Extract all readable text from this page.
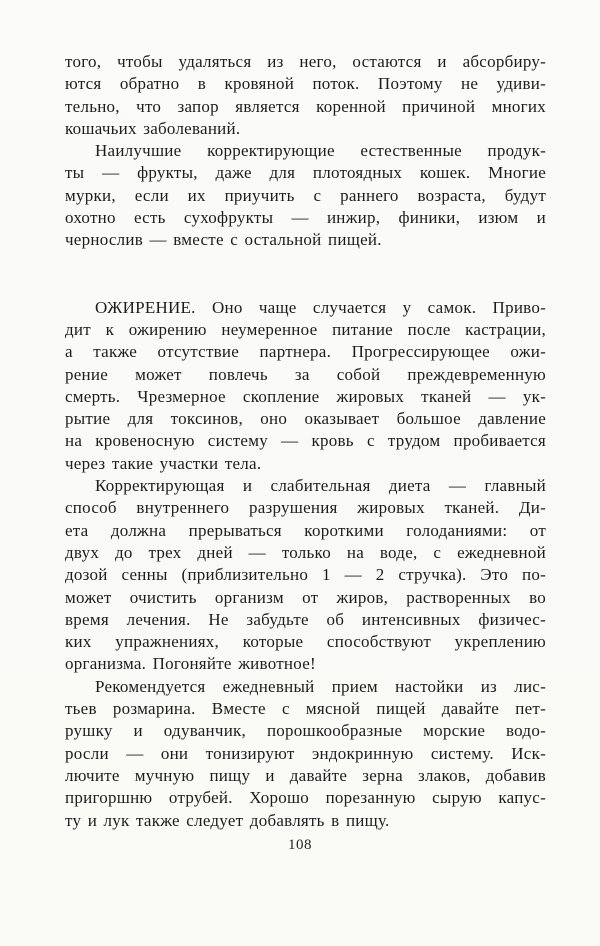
того, чтобы удаляться из него, остаются и абсорбиру-
ются обратно в кровяной поток. Поэтому не удиви-
тельно, что запор является коренной причиной многих
кошачьих заболеваний.
Наилучшие корректирующие естественные продук-
ты — фрукты, даже для плотоядных кошек. Многие
мурки, если их приучить с раннего возраста, будут
охотно есть сухофрукты — инжир, финики, изюм и
чернослив — вместе с остальной пищей.
ОЖИРЕНИЕ. Оно чаще случается у самок. Приво-
дит к ожирению неумеренное питание после кастрации,
а также отсутствие партнера. Прогрессирующее ожи-
рение может повлечь за собой преждевременную
смерть. Чрезмерное скопление жировых тканей — ук-
рытие для токсинов, оно оказывает большое давление
на кровеносную систему — кровь с трудом пробивается
через такие участки тела.
Корректирующая и слабительная диета — главный
способ внутреннего разрушения жировых тканей. Ди-
ета должна прерываться короткими голоданиями: от
двух до трех дней — только на воде, с ежедневной
дозой сенны (приблизительно 1 — 2 стручка). Это по-
может очистить организм от жиров, растворенных во
время лечения. Не забудьте об интенсивных физичес-
ких упражнениях, которые способствуют укреплению
организма. Погоняйте животное!
Рекомендуется ежедневный прием настойки из лис-
тьев розмарина. Вместе с мясной пищей давайте пет-
рушку и одуванчик, порошкообразные морские водо-
росли — они тонизируют эндокринную систему. Иск-
лючите мучную пищу и давайте зерна злаков, добавив
пригоршню отрубей. Хорошо порезанную сырую капус-
ту и лук также следует добавлять в пищу.
108
